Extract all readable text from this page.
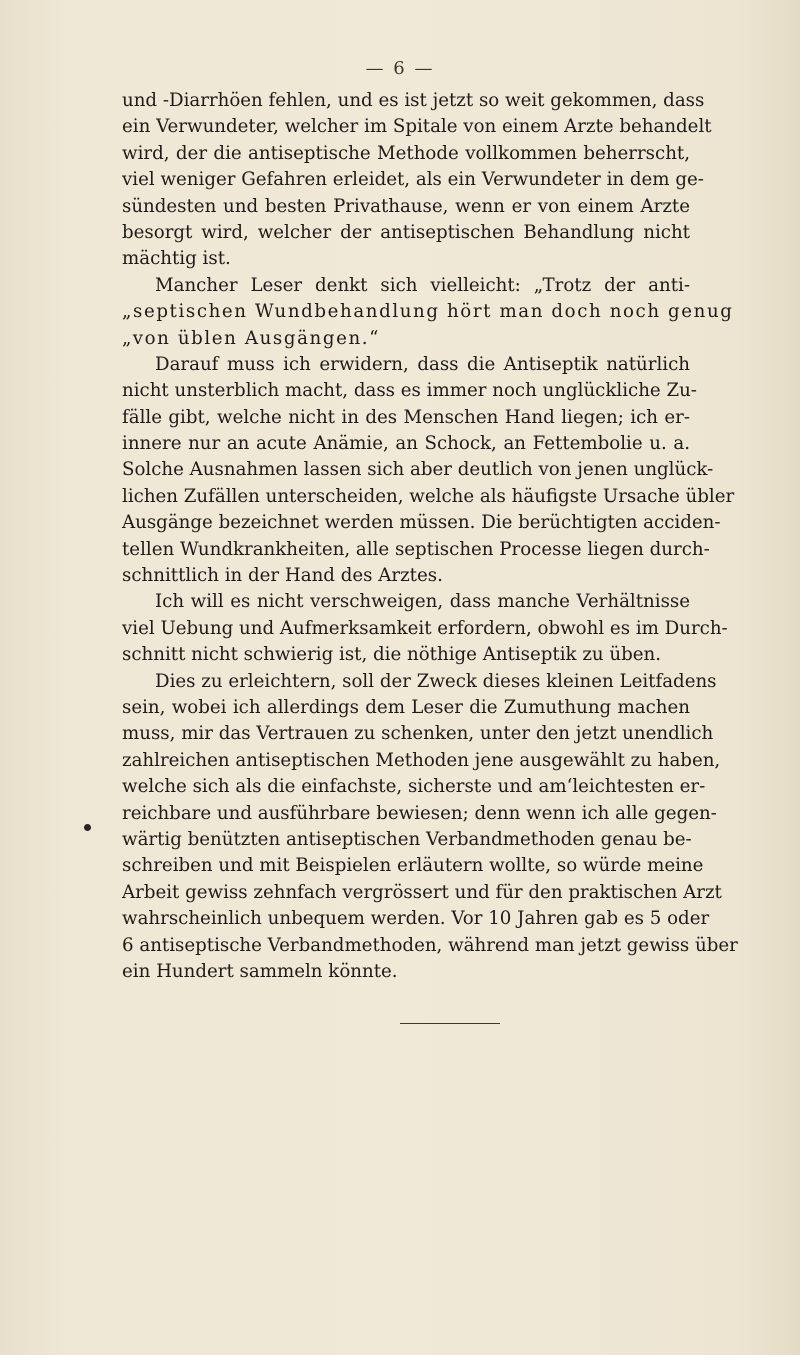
— 6 —
und ‑Diarrhöen fehlen, und es ist jetzt so weit gekommen, dass
ein Verwundeter, welcher im Spitale von einem Arzte behandelt
wird, der die antiseptische Methode vollkommen beherrscht,
viel weniger Gefahren erleidet, als ein Verwundeter in dem ge-
sündesten und besten Privathause, wenn er von einem Arzte
besorgt wird, welcher der antiseptischen Behandlung nicht
mächtig ist.
Mancher Leser denkt sich vielleicht: „Trotz der anti-
„septischen Wundbehandlung hört man doch noch genug
„von üblen Ausgängen.“
Darauf muss ich erwidern, dass die Antiseptik natürlich
nicht unsterblich macht, dass es immer noch unglückliche Zu-
fälle gibt, welche nicht in des Menschen Hand liegen; ich er-
innere nur an acute Anämie, an Schock, an Fettembolie u. a.
Solche Ausnahmen lassen sich aber deutlich von jenen unglück-
lichen Zufällen unterscheiden, welche als häufigste Ursache übler
Ausgänge bezeichnet werden müssen. Die berüchtigten acciden-
tellen Wundkrankheiten, alle septischen Processe liegen durch-
schnittlich in der Hand des Arztes.
Ich will es nicht verschweigen, dass manche Verhältnisse
viel Uebung und Aufmerksamkeit erfordern, obwohl es im Durch-
schnitt nicht schwierig ist, die nöthige Antiseptik zu üben.
Dies zu erleichtern, soll der Zweck dieses kleinen Leitfadens
sein, wobei ich allerdings dem Leser die Zumuthung machen
muss, mir das Vertrauen zu schenken, unter den jetzt unendlich
zahlreichen antiseptischen Methoden jene ausgewählt zu haben,
welche sich als die einfachste, sicherste und am‘leichtesten er-
reichbare und ausführbare bewiesen; denn wenn ich alle gegen-
wärtig benützten antiseptischen Verbandmethoden genau be-
schreiben und mit Beispielen erläutern wollte, so würde meine
Arbeit gewiss zehnfach vergrössert und für den praktischen Arzt
wahrscheinlich unbequem werden. Vor 10 Jahren gab es 5 oder
6 antiseptische Verbandmethoden, während man jetzt gewiss über
ein Hundert sammeln könnte.
